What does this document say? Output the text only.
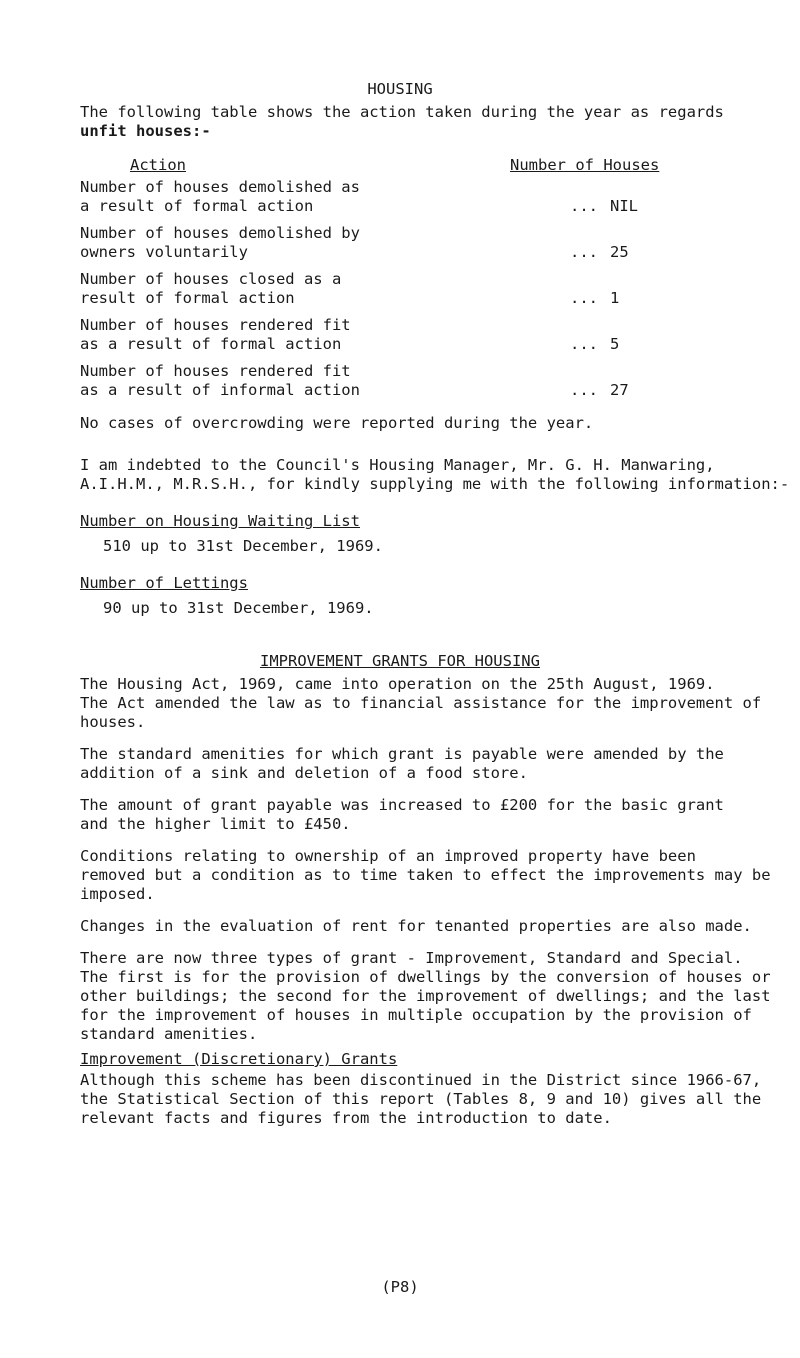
HOUSING
The following table shows the action taken during the year as regards
unfit houses:-
Action	Number of Houses
Number of houses demolished as
a result of formal action	... NIL
Number of houses demolished by
owners voluntarily	... 25
Number of houses closed as a
result of formal action	... 1
Number of houses rendered fit
as a result of formal action	... 5
Number of houses rendered fit
as a result of informal action	... 27
No cases of overcrowding were reported during the year.
I am indebted to the Council's Housing Manager, Mr. G. H. Manwaring,
A.I.H.M., M.R.S.H., for kindly supplying me with the following information:-
Number on Housing Waiting List
510 up to 31st December, 1969.
Number of Lettings
90 up to 31st December, 1969.
IMPROVEMENT GRANTS FOR HOUSING
The Housing Act, 1969, came into operation on the 25th August, 1969.
The Act amended the law as to financial assistance for the improvement of
houses.
The standard amenities for which grant is payable were amended by the
addition of a sink and deletion of a food store.
The amount of grant payable was increased to £200 for the basic grant
and the higher limit to £450.
Conditions relating to ownership of an improved property have been
removed but a condition as to time taken to effect the improvements may be
imposed.
Changes in the evaluation of rent for tenanted properties are also made.
There are now three types of grant - Improvement, Standard and Special.
The first is for the provision of dwellings by the conversion of houses or
other buildings; the second for the improvement of dwellings; and the last
for the improvement of houses in multiple occupation by the provision of
standard amenities.
Improvement (Discretionary) Grants
Although this scheme has been discontinued in the District since 1966-67,
the Statistical Section of this report (Tables 8, 9 and 10) gives all the
relevant facts and figures from the introduction to date.
(P8)
